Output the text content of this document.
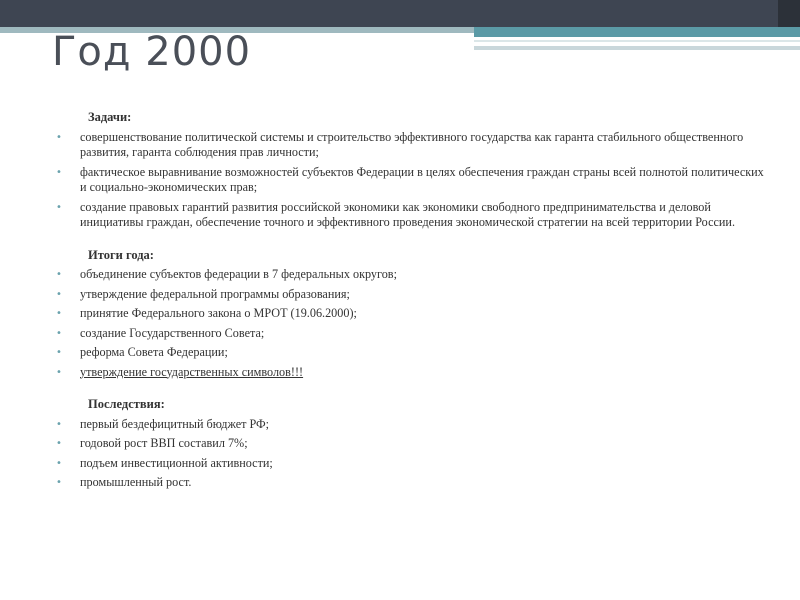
Год 2000
Задачи:
• совершенствование политической системы и строительство эффективного государства как гаранта стабильного общественного развития, гаранта соблюдения прав личности;
• фактическое выравнивание возможностей субъектов Федерации в целях обеспечения граждан страны всей полнотой политических и социально-экономических прав;
• создание правовых гарантий развития российской экономики как экономики свободного предпринимательства и деловой инициативы граждан, обеспечение точного и эффективного проведения экономической стратегии на всей территории России.
Итоги года:
• объединение субъектов федерации в 7 федеральных округов;
• утверждение федеральной программы образования;
• принятие Федерального закона о МРОТ (19.06.2000);
• создание Государственного Совета;
• реформа Совета Федерации;
• утверждение государственных символов!!!
Последствия:
• первый бездефицитный бюджет РФ;
• годовой рост ВВП составил 7%;
• подъем инвестиционной активности;
• промышленный рост.
